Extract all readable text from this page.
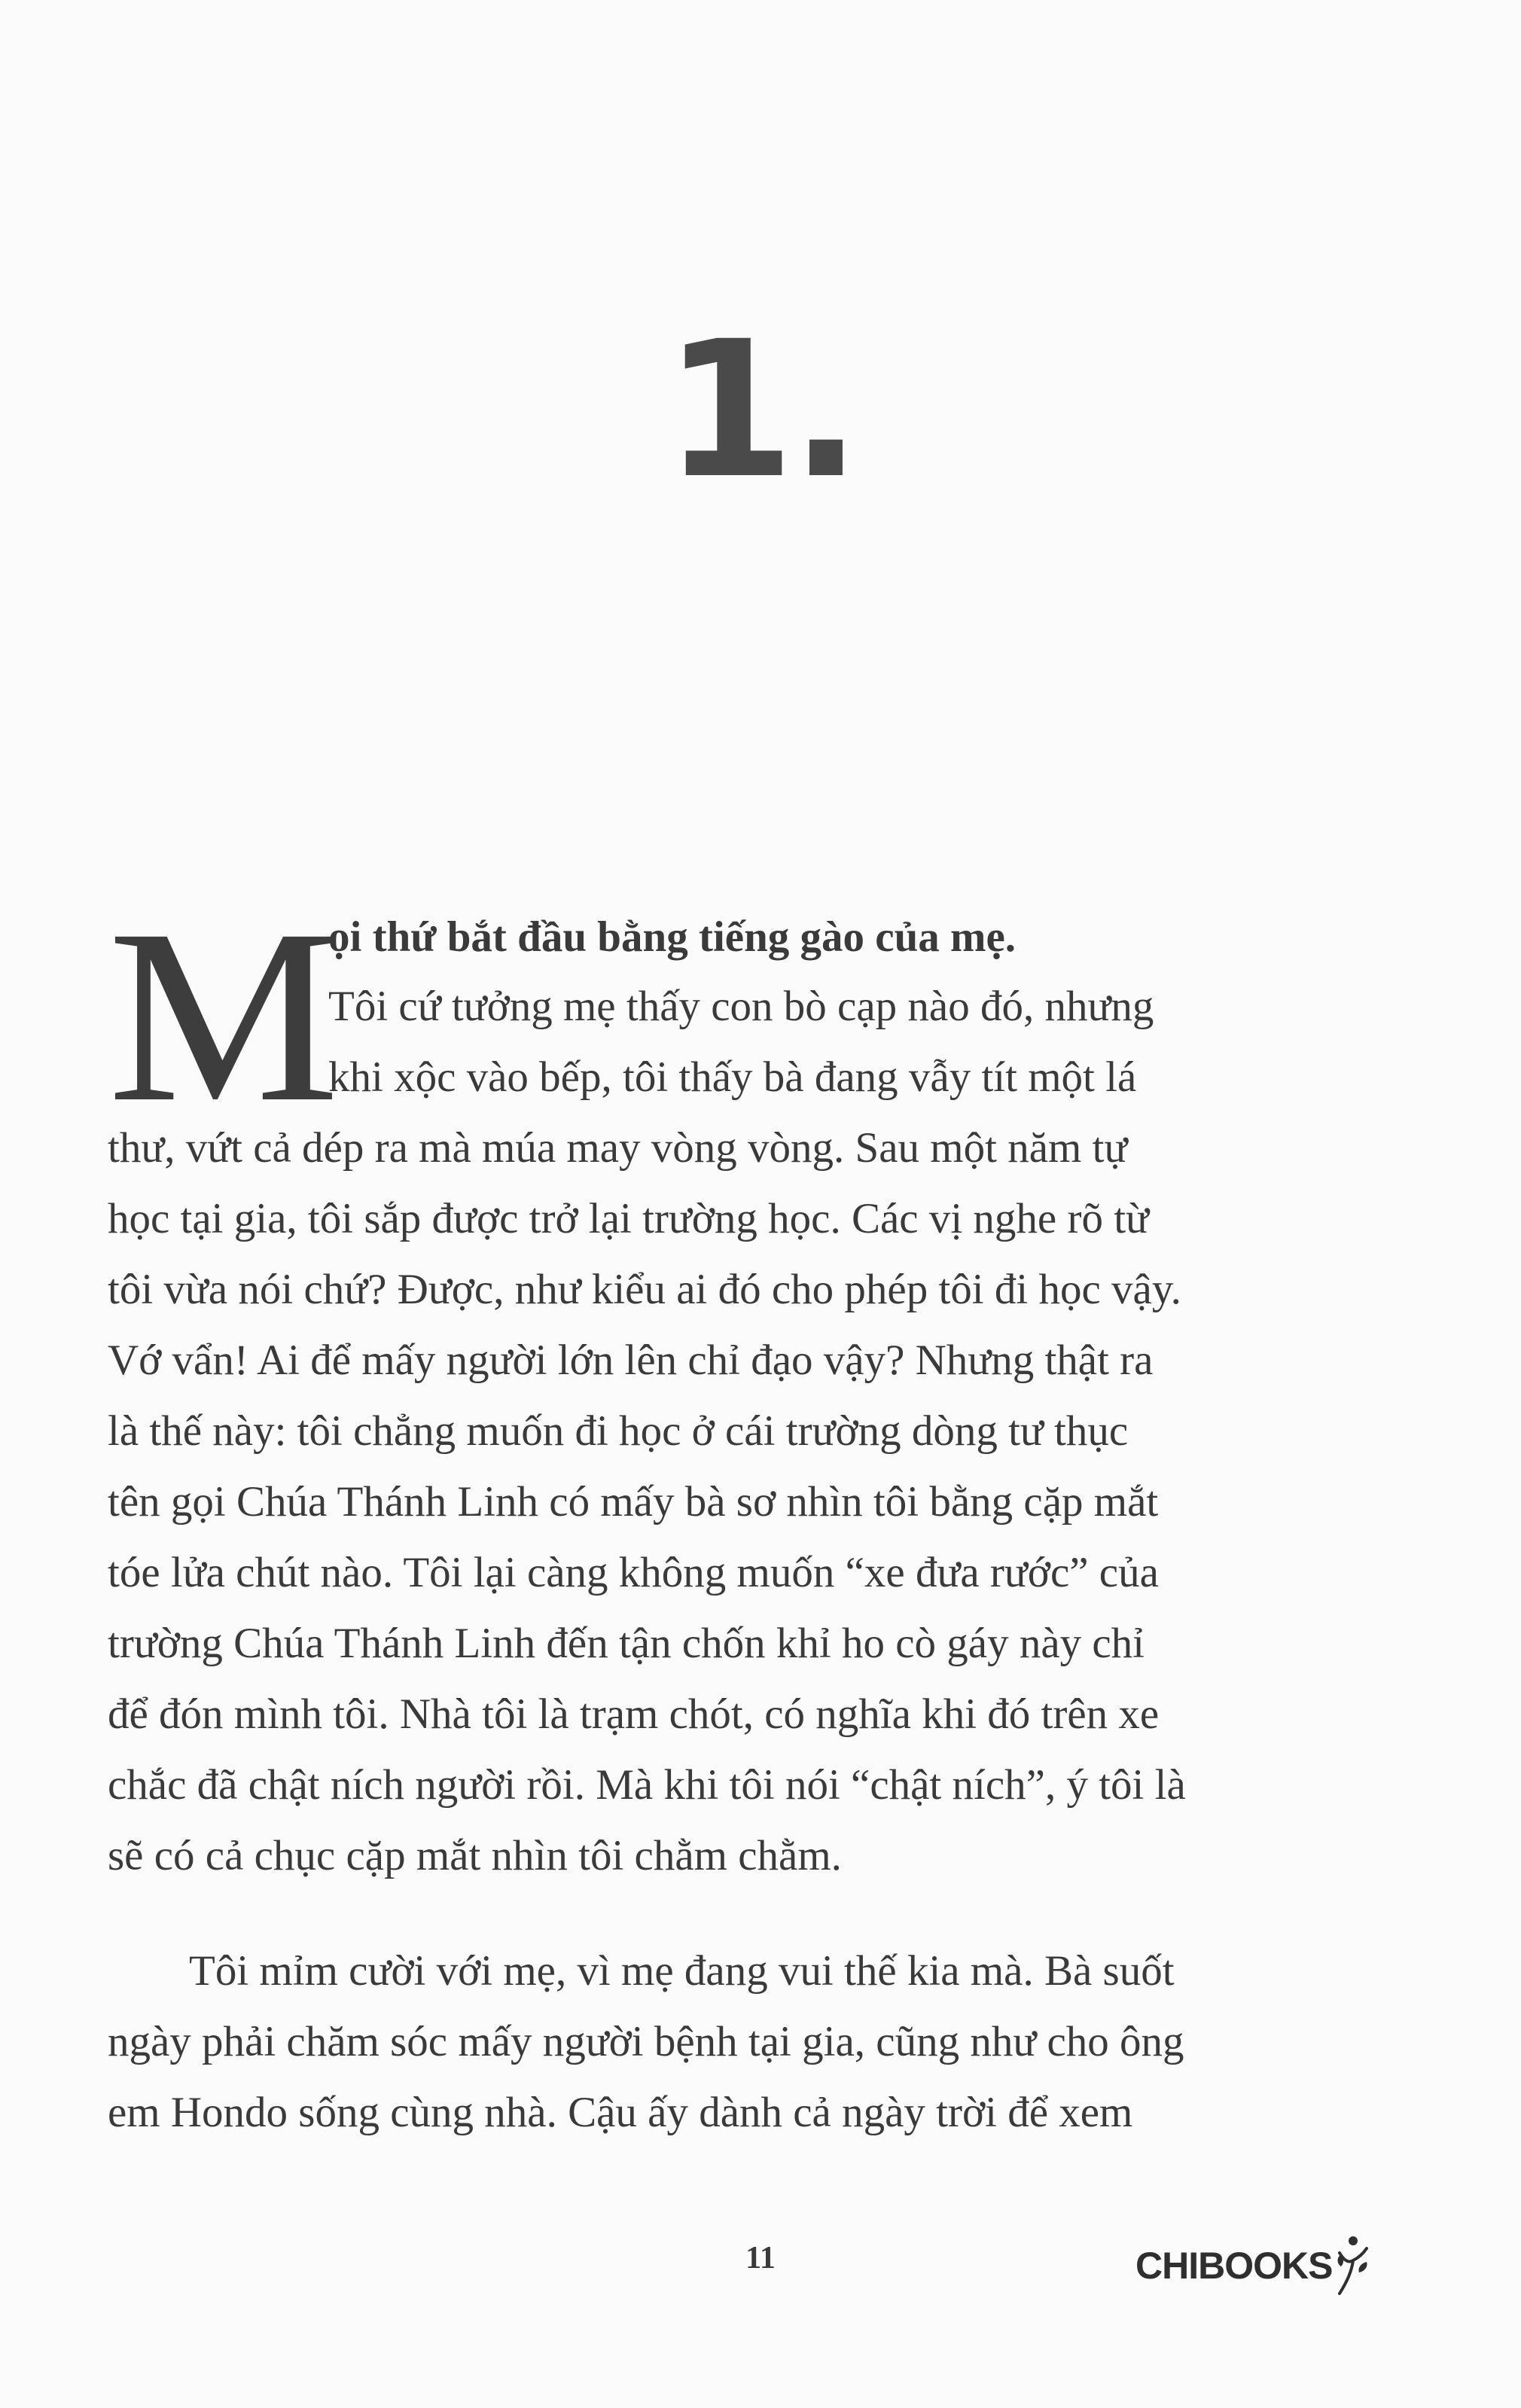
1.
M
ọi thứ bắt đầu bằng tiếng gào của mẹ.
Tôi cứ tưởng mẹ thấy con bò cạp nào đó, nhưng
khi xộc vào bếp, tôi thấy bà đang vẫy tít một lá
thư, vứt cả dép ra mà múa may vòng vòng. Sau một năm tự
học tại gia, tôi sắp được trở lại trường học. Các vị nghe rõ từ
tôi vừa nói chứ? Được, như kiểu ai đó cho phép tôi đi học vậy.
Vớ vẩn! Ai để mấy người lớn lên chỉ đạo vậy? Nhưng thật ra
là thế này: tôi chẳng muốn đi học ở cái trường dòng tư thục
tên gọi Chúa Thánh Linh có mấy bà sơ nhìn tôi bằng cặp mắt
tóe lửa chút nào. Tôi lại càng không muốn “xe đưa rước” của
trường Chúa Thánh Linh đến tận chốn khỉ ho cò gáy này chỉ
để đón mình tôi. Nhà tôi là trạm chót, có nghĩa khi đó trên xe
chắc đã chật ních người rồi. Mà khi tôi nói “chật ních”, ý tôi là
sẽ có cả chục cặp mắt nhìn tôi chằm chằm.
Tôi mỉm cười với mẹ, vì mẹ đang vui thế kia mà. Bà suốt
ngày phải chăm sóc mấy người bệnh tại gia, cũng như cho ông
em Hondo sống cùng nhà. Cậu ấy dành cả ngày trời để xem
11	CHIBOOKS
